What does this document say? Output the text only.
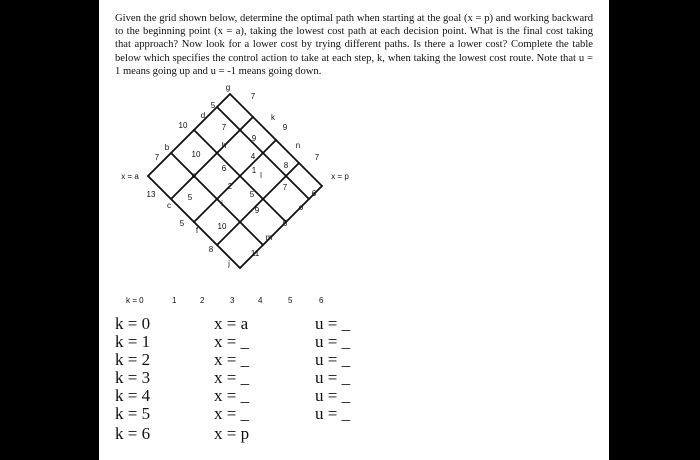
Given the grid shown below, determine the optimal path when starting at the goal (x = p) and working backward to the beginning point (x = a), taking the lowest cost path at each decision point. What is the final cost taking that approach? Now look for a lower cost by trying different paths. Is there a lower cost? Complete the table below which specifies the control action to take at each step, k, when taking the lowest cost route. Note that u = 1 means going up and u = -1 means going down.

x = a	x = p
b
c
d
e
f
g
h
i
j
k
l
m
n
o
7
13
10
5
5
8
5
10
7
6
2
10
7
9
4
1
5
9
11
9
8
7
6
7
6
k = 0	1	2	3	4	5	6
k = 0	x = a	u = _
k = 1	x = _	u = _
k = 2	x = _	u = _
k = 3	x = _	u = _
k = 4	x = _	u = _
k = 5	x = _	u = _
k = 6	x = p
